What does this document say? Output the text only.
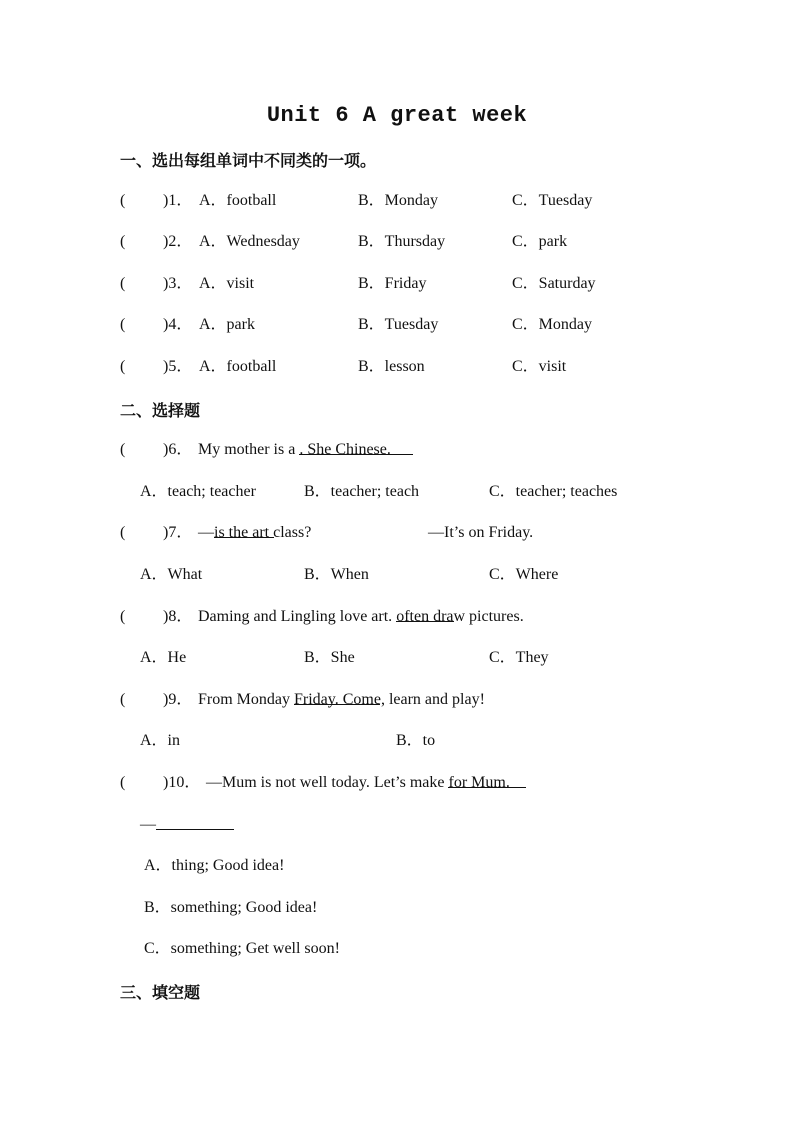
Unit 6 A great week
一、选出每组单词中不同类的一项。
( )1． A．football	B．Monday	C．Tuesday
( )2． A．Wednesday	B．Thursday	C．park
( )3． A．visit	B．Friday	C．Saturday
( )4． A．park	B．Tuesday	C．Monday
( )5． A．football	B．lesson	C．visit
二、选择题
( )6． My mother is a
. She
Chinese.
A．teach; teacher	B．teacher; teach	C．teacher; teaches
( )7． —
is the art class?	—It’s on Friday.
A．What	B．When	C．Where
( )8． Daming and Lingling love art.
often draw pictures.
A．He	B．She	C．They
( )9． From Monday
Friday. Come, learn and play!
A．in	B．to
( )10． —Mum is not well today. Let’s make
for Mum.
—
A．thing; Good idea!
B．something; Good idea!
C．something; Get well soon!
三、填空题
